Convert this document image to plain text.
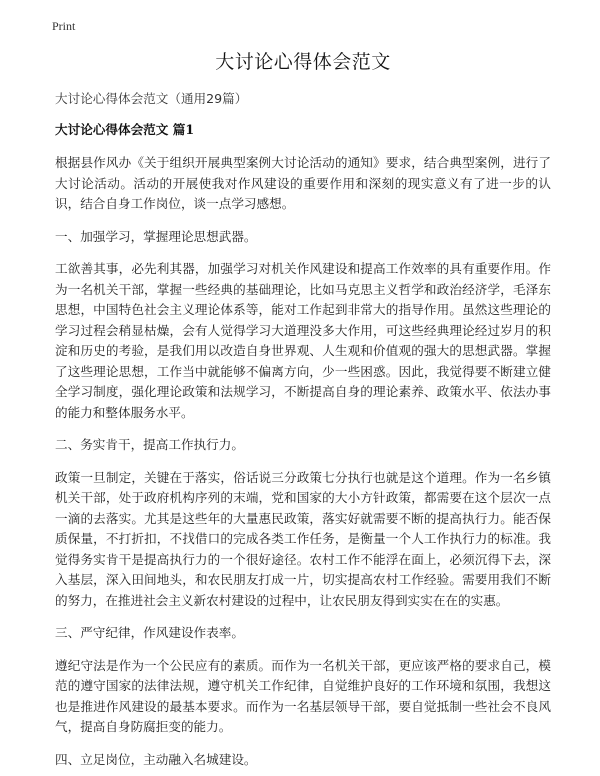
Print
大讨论心得体会范文
大讨论心得体会范文（通用29篇）
大讨论心得体会范文 篇1

根据县作风办《关于组织开展典型案例大讨论活动的通知》要求，结合典型案例，进行了大讨论活动。活动的开展使我对作风建设的重要作用和深刻的现实意义有了进一步的认识，结合自身工作岗位，谈一点学习感想。

一、加强学习，掌握理论思想武器。

工欲善其事，必先利其器，加强学习对机关作风建设和提高工作效率的具有重要作用。作为一名机关干部，掌握一些经典的基础理论，比如马克思主义哲学和政治经济学，毛泽东思想，中国特色社会主义理论体系等，能对工作起到非常大的指导作用。虽然这些理论的学习过程会稍显枯燥，会有人觉得学习大道理没多大作用，可这些经典理论经过岁月的积淀和历史的考验，是我们用以改造自身世界观、人生观和价值观的强大的思想武器。掌握了这些理论思想，工作当中就能够不偏离方向，少一些困惑。因此，我觉得要不断建立健全学习制度，强化理论政策和法规学习，不断提高自身的理论素养、政策水平、依法办事的能力和整体服务水平。

二、务实肯干，提高工作执行力。

政策一旦制定，关键在于落实，俗话说三分政策七分执行也就是这个道理。作为一名乡镇机关干部，处于政府机构序列的末端，党和国家的大小方针政策，都需要在这个层次一点一滴的去落实。尤其是这些年的大量惠民政策，落实好就需要不断的提高执行力。能否保质保量，不打折扣，不找借口的完成各类工作任务，是衡量一个人工作执行力的标准。我觉得务实肯干是提高执行力的一个很好途径。农村工作不能浮在面上，必须沉得下去，深入基层，深入田间地头，和农民朋友打成一片，切实提高农村工作经验。需要用我们不断的努力，在推进社会主义新农村建设的过程中，让农民朋友得到实实在在的实惠。

三、严守纪律，作风建设作表率。

遵纪守法是作为一个公民应有的素质。而作为一名机关干部，更应该严格的要求自己，模范的遵守国家的法律法规，遵守机关工作纪律，自觉维护良好的工作环境和氛围，我想这也是推进作风建设的最基本要求。而作为一名基层领导干部，要自觉抵制一些社会不良风气，提高自身防腐拒变的能力。

四、立足岗位，主动融入名城建设。
